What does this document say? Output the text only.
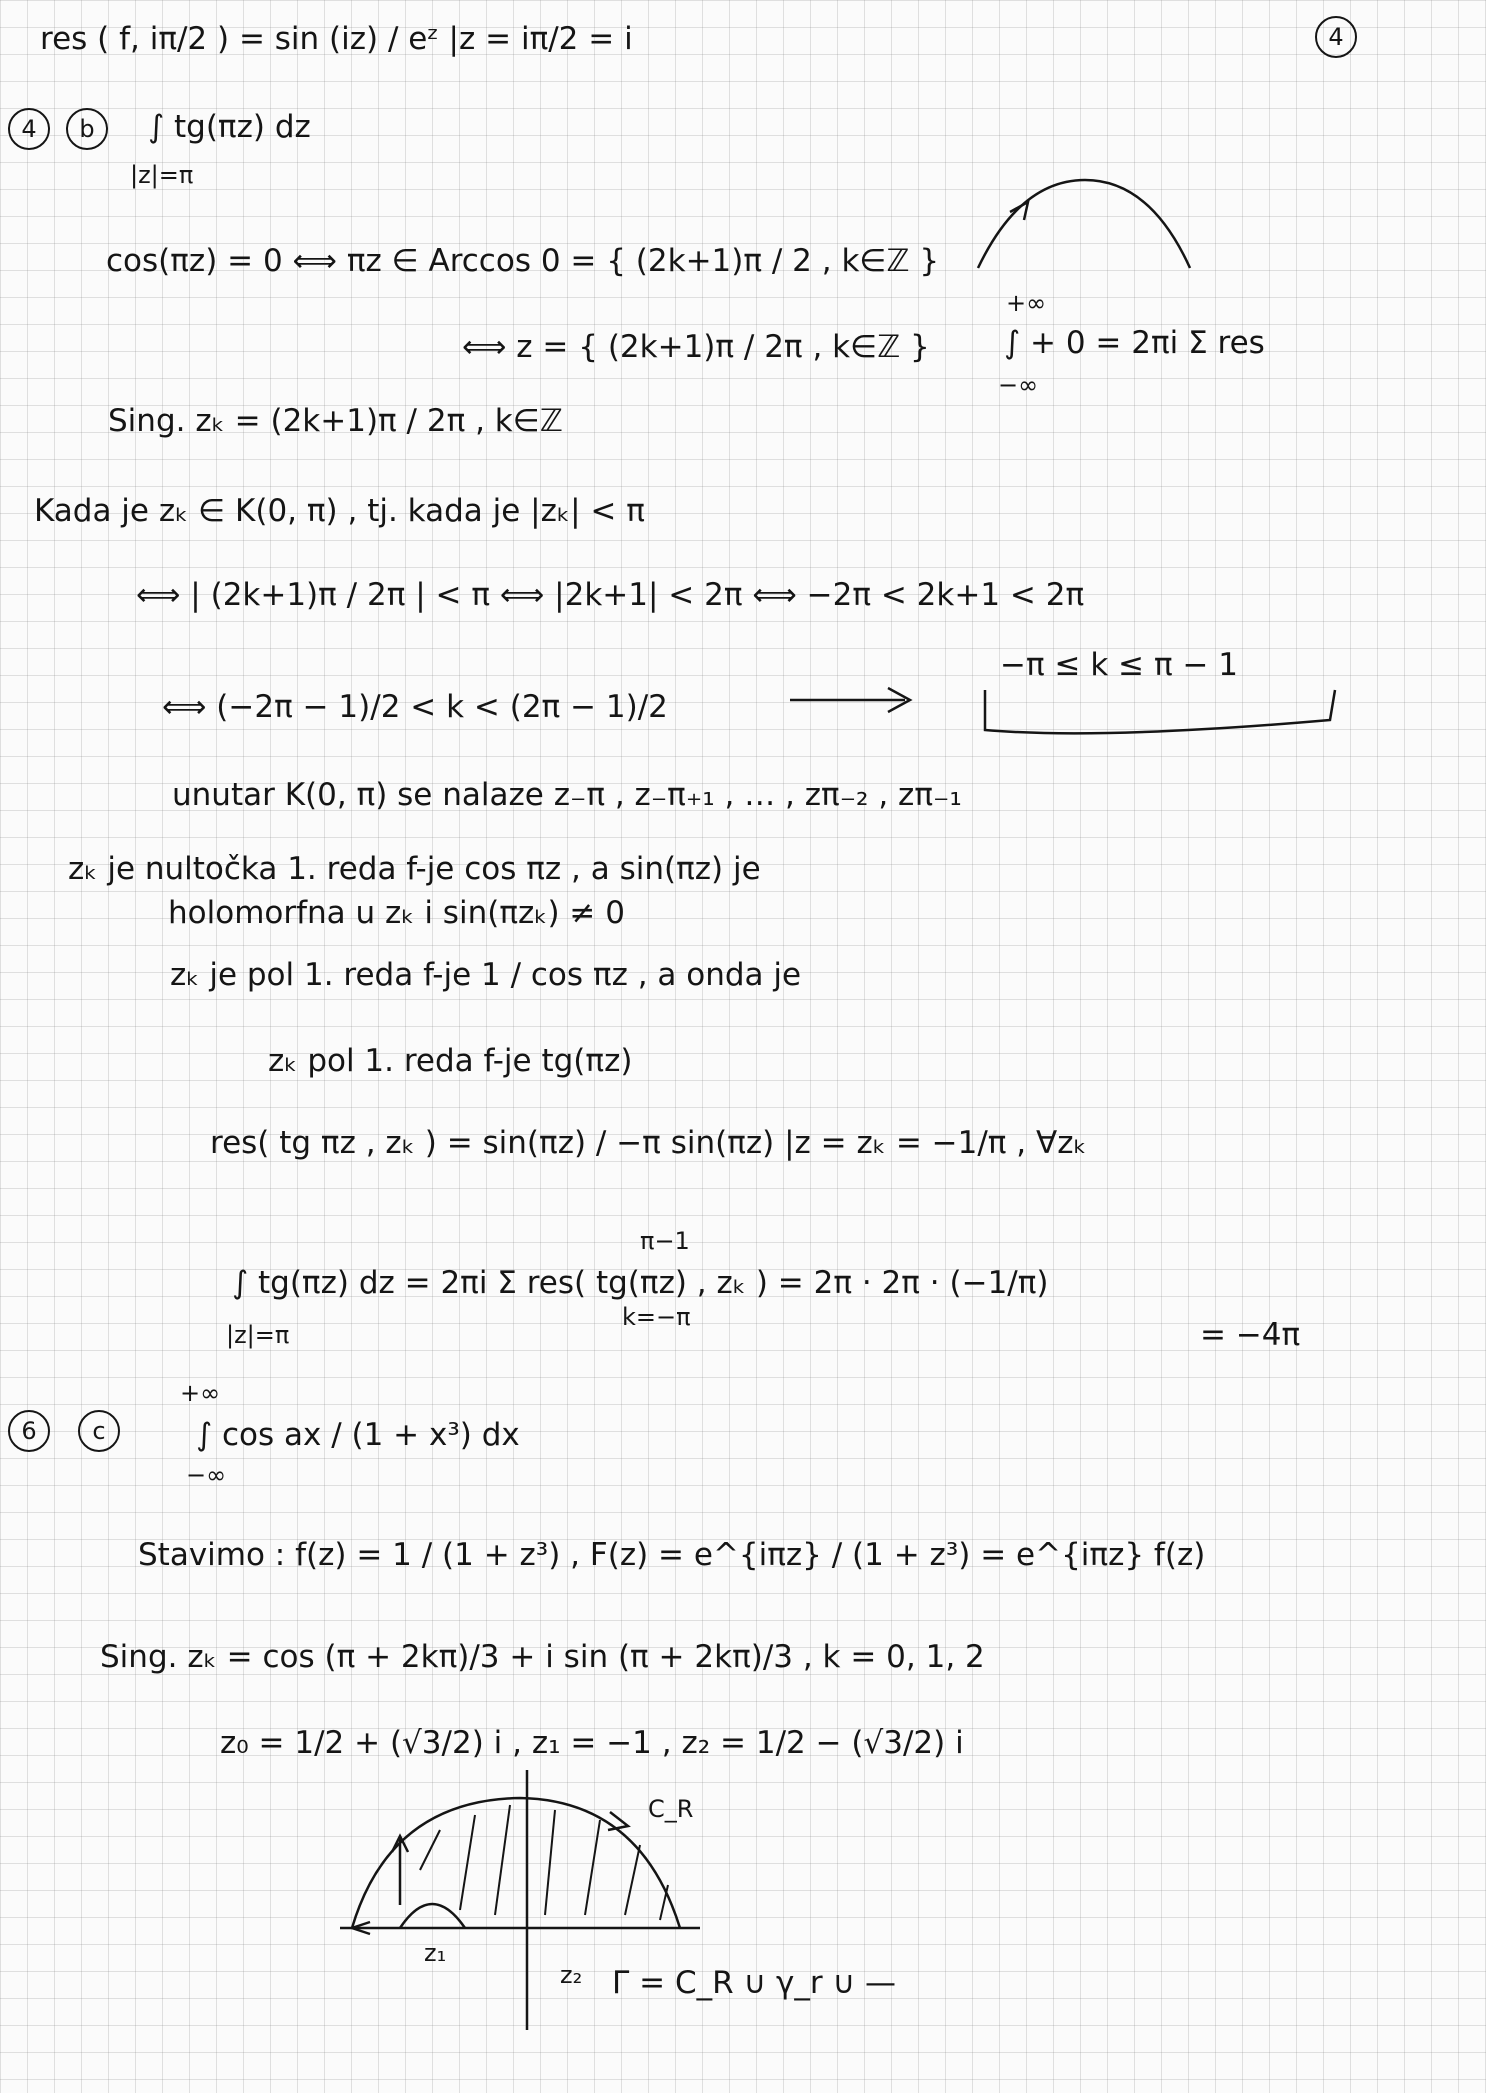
4
res ( f, iπ/2 ) = sin (iz) / eᶻ |z = iπ/2 = i
4	b	∫ tg(πz) dz
|z|=π
+∞
∫ + 0 = 2πi Σ res
−∞
cos(πz) = 0 ⟺ πz ∈ Arccos 0 = { (2k+1)π / 2 , k∈ℤ }
⟺ z = { (2k+1)π / 2π , k∈ℤ }
Sing. zₖ = (2k+1)π / 2π , k∈ℤ
Kada je zₖ ∈ K(0, π) , tj. kada je |zₖ| < π
⟺ | (2k+1)π / 2π | < π ⟺ |2k+1| < 2π ⟺ −2π < 2k+1 < 2π
⟺ (−2π − 1)/2 < k < (2π − 1)/2
−π ≤ k ≤ π − 1
unutar K(0, π) se nalaze z₋π , z₋π₊₁ , … , zπ₋₂ , zπ₋₁
zₖ je nultočka 1. reda f-je cos πz , a sin(πz) je
holomorfna u zₖ i sin(πzₖ) ≠ 0
zₖ je pol 1. reda f-je 1 / cos πz , a onda je
zₖ pol 1. reda f-je tg(πz)
res( tg πz , zₖ ) = sin(πz) / −π sin(πz) |z = zₖ = −1/π , ∀zₖ
π−1
∫ tg(πz) dz = 2πi Σ res( tg(πz) , zₖ ) = 2π · 2π · (−1/π)
k=−π
|z|=π	= −4π
6	c
+∞
∫ cos ax / (1 + x³) dx
−∞
Stavimo : f(z) = 1 / (1 + z³) , F(z) = e^{iπz} / (1 + z³) = e^{iπz} f(z)
Sing. zₖ = cos (π + 2kπ)/3 + i sin (π + 2kπ)/3 , k = 0, 1, 2
z₀ = 1/2 + (√3/2) i , z₁ = −1 , z₂ = 1/2 − (√3/2) i
C_R
z₁
z₂ Γ = C_R ∪ γ_r ∪ —
